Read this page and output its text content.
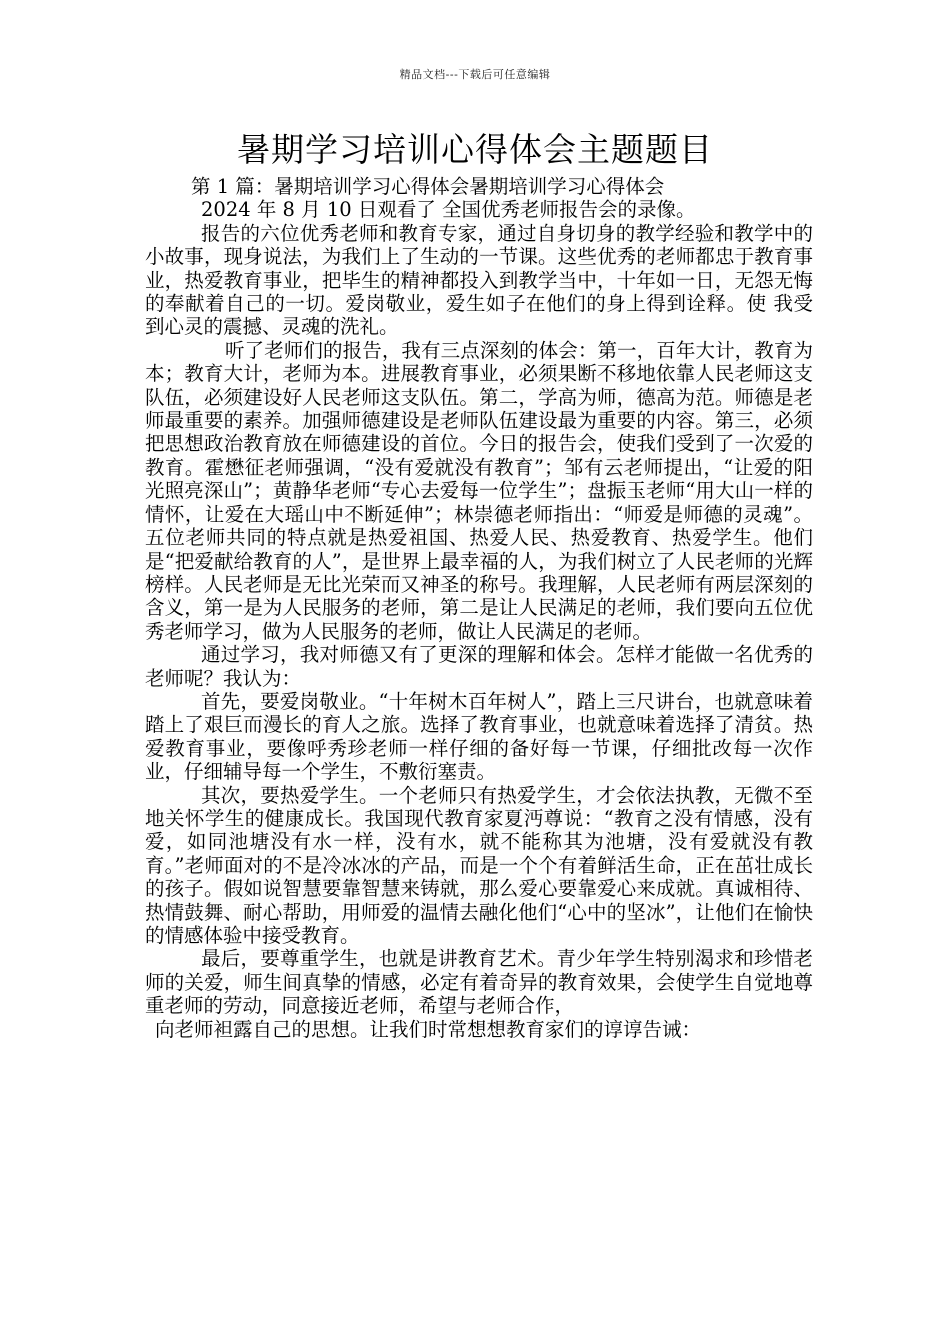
精品文档---下载后可任意编辑
暑期学习培训心得体会主题题目

第 1 篇：暑期培训学习心得体会暑期培训学习心得体会

2024 年 8 月 10 日观看了 全国优秀老师报告会的录像。

报告的六位优秀老师和教育专家，通过自身切身的教学经验和教学中的小故事，现身说法，为我们上了生动的一节课。这些优秀的老师都忠于教育事业，热爱教育事业，把毕生的精神都投入到教学当中，十年如一日，无怨无悔的奉献着自己的一切。爱岗敬业，爱生如子在他们的身上得到诠释。使 我受到心灵的震撼、灵魂的洗礼。

听了老师们的报告，我有三点深刻的体会：第一，百年大计，教育为本；教育大计，老师为本。进展教育事业，必须果断不移地依靠人民老师这支队伍，必须建设好人民老师这支队伍。第二，学高为师，德高为范。师德是老师最重要的素养。加强师德建设是老师队伍建设最为重要的内容。第三，必须把思想政治教育放在师德建设的首位。今日的报告会，使我们受到了一次爱的教育。霍懋征老师强调，“没有爱就没有教育”；邹有云老师提出，“让爱的阳光照亮深山”；黄静华老师“专心去爱每一位学生”；盘振玉老师“用大山一样的情怀，让爱在大瑶山中不断延伸”；林崇德老师指出：“师爱是师德的灵魂”。五位老师共同的特点就是热爱祖国、热爱人民、热爱教育、热爱学生。他们是“把爱献给教育的人”，是世界上最幸福的人，为我们树立了人民老师的光辉榜样。人民老师是无比光荣而又神圣的称号。我理解，人民老师有两层深刻的含义，第一是为人民服务的老师，第二是让人民满足的老师，我们要向五位优秀老师学习，做为人民服务的老师，做让人民满足的老师。

通过学习，我对师德又有了更深的理解和体会。怎样才能做一名优秀的老师呢？我认为：

首先，要爱岗敬业。“十年树木百年树人”，踏上三尺讲台，也就意味着踏上了艰巨而漫长的育人之旅。选择了教育事业，也就意味着选择了清贫。热爱教育事业，要像呼秀珍老师一样仔细的备好每一节课，仔细批改每一次作业，仔细辅导每一个学生，不敷衍塞责。

其次，要热爱学生。一个老师只有热爱学生，才会依法执教，无微不至地关怀学生的健康成长。我国现代教育家夏沔尊说：“教育之没有情感，没有爱，如同池塘没有水一样，没有水，就不能称其为池塘，没有爱就没有教育。”老师面对的不是冷冰冰的产品，而是一个个有着鲜活生命，正在茁壮成长的孩子。假如说智慧要靠智慧来铸就，那么爱心要靠爱心来成就。真诚相待、热情鼓舞、耐心帮助，用师爱的温情去融化他们“心中的坚冰”，让他们在愉快的情感体验中接受教育。

最后，要尊重学生，也就是讲教育艺术。青少年学生特别渴求和珍惜老师的关爱，师生间真挚的情感，必定有着奇异的教育效果，会使学生自觉地尊重老师的劳动，同意接近老师，希望与老师合作，

向老师袒露自己的思想。让我们时常想想教育家们的谆谆告诫：
